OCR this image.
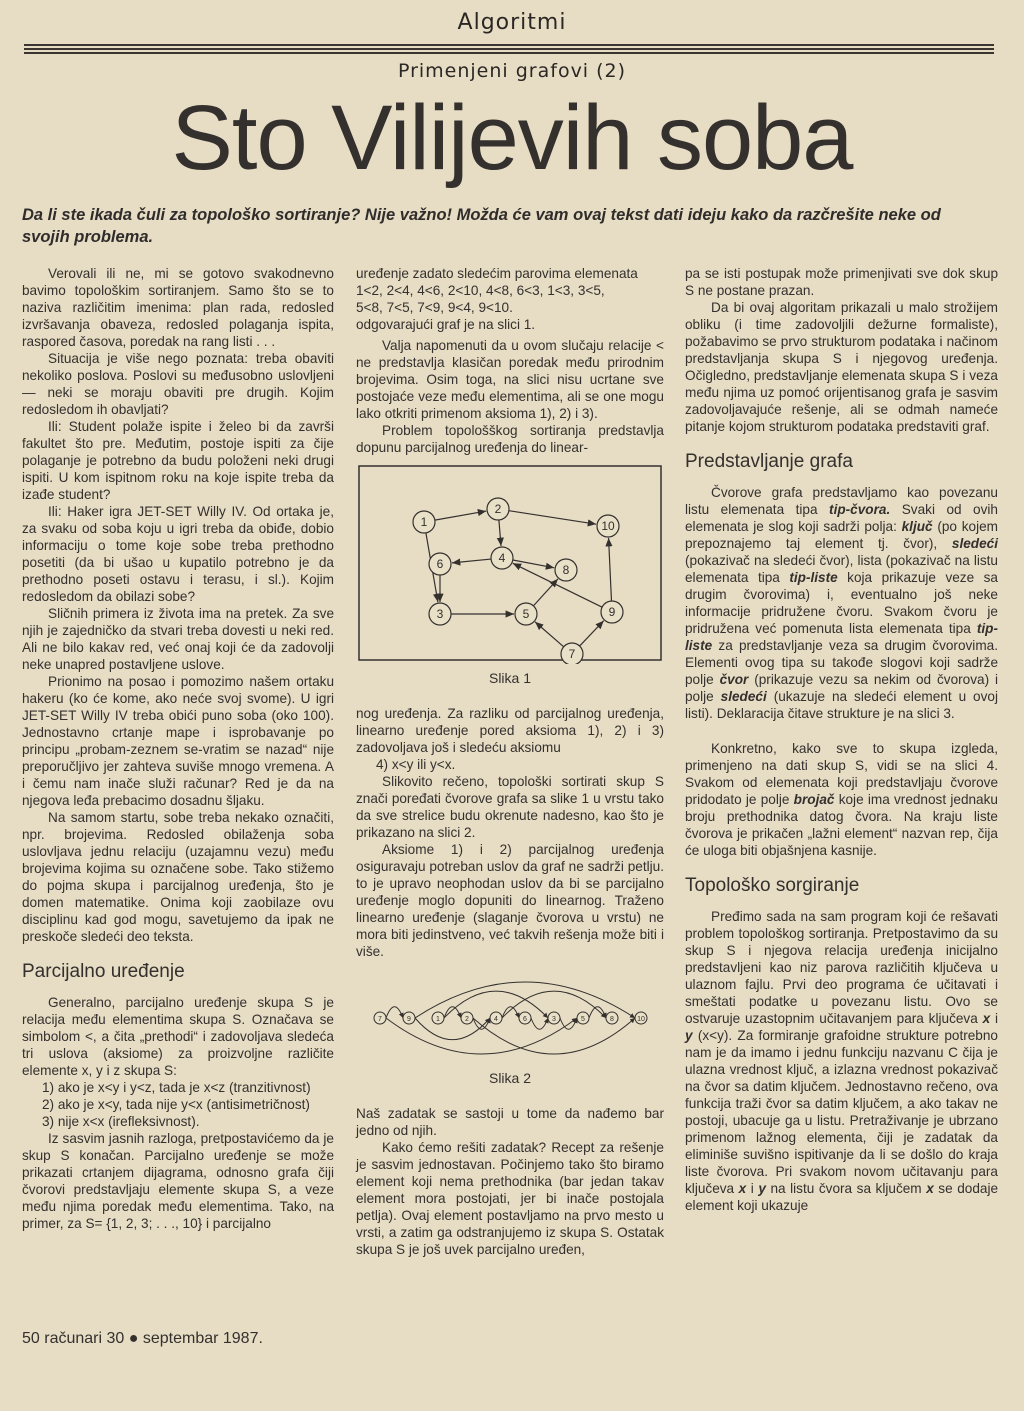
Algoritmi
Primenjeni grafovi (2)
Sto Vilijevih soba
Da li ste ikada čuli za topološko sortiranje? Nije važno! Možda će vam ovaj tekst dati ideju kako da razčrešite neke od svojih problema.

Verovali ili ne, mi se gotovo svakodnevno bavimo topološkim sortiranjem. Samo što se to naziva različitim imenima: plan rada, redosled izvršavanja obaveza, redosled polaganja ispita, raspored časova, poredak na rang listi . . .

Situacija je više nego poznata: treba obaviti nekoliko poslova. Poslovi su međusobno uslovljeni — neki se moraju obaviti pre drugih. Kojim redosledom ih obavljati?

Ili: Student polaže ispite i želeo bi da završi fakultet što pre. Međutim, postoje ispiti za čije polaganje je potrebno da budu položeni neki drugi ispiti. U kom ispitnom roku na koje ispite treba da izađe student?

Ili: Haker igra JET-SET Willy IV. Od ortaka je, za svaku od soba koju u igri treba da obiđe, dobio informaciju o tome koje sobe treba prethodno posetiti (da bi ušao u kupatilo potrebno je da prethodno poseti ostavu i terasu, i sl.). Kojim redosledom da obilazi sobe?

Sličnih primera iz života ima na pretek. Za sve njih je zajedničko da stvari treba dovesti u neki red. Ali ne bilo kakav red, već onaj koji će da zadovolji neke unapred postavljene uslove.

Prionimo na posao i pomozimo našem ortaku hakeru (ko će kome, ako neće svoj svome). U igri JET-SET Willy IV treba obići puno soba (oko 100). Jednostavno crtanje mape i isprobavanje po principu „probam-zeznem se-vratim se nazad“ nije preporučljivo jer zahteva suviše mnogo vremena. A i čemu nam inače služi računar? Red je da na njegova leđa prebacimo dosadnu šljaku.

Na samom startu, sobe treba nekako označiti, npr. brojevima. Redosled obilaženja soba uslovljava jednu relaciju (uzajamnu vezu) među brojevima kojima su označene sobe. Tako stižemo do pojma skupa i parcijalnog uređenja, što je domen matematike. Onima koji zaobilaze ovu disciplinu kad god mogu, savetujemo da ipak ne preskoče sledeći deo teksta.

Parcijalno uređenje

Generalno, parcijalno uređenje skupa S je relacija među elementima skupa S. Označava se simbolom <, a čita „prethodi“ i zadovoljava sledeća tri uslova (aksiome) za proizvoljne različite elemente x, y i z skupa S:

1) ako je x<y i y<z, tada je x<z (tranzitivnost)

2) ako je x<y, tada nije y<x (antisimetričnost)

3) nije x<x (irefleksivnost).

Iz sasvim jasnih razloga, pretpostavićemo da je skup S konačan. Parcijalno uređenje se može prikazati crtanjem dijagrama, odnosno grafa čiji čvorovi predstavljaju elemente skupa S, a veze među njima poredak među elementima. Tako, na primer, za S= {1, 2, 3; . . ., 10} i parcijalno

uređenje zadato sledećim parovima elemenata

1<2, 2<4, 4<6, 2<10, 4<8, 6<3, 1<3, 3<5,

5<8, 7<5, 7<9, 9<4, 9<10.

odgovarajući graf je na slici 1.

Valja napomenuti da u ovom slučaju relacije < ne predstavlja klasičan poredak među prirodnim brojevima. Osim toga, na slici nisu ucrtane sve postojaće veze među elementima, ali se one mogu lako otkriti primenom aksioma 1), 2) i 3).

Problem topološškog sortiranja predstavlja dopunu parcijalnog uređenja do linear-

1
2
3
4
5
6
7
8
9
10
Slika 1

nog uređenja. Za razliku od parcijalnog uređenja, linearno uređenje pored aksioma 1), 2) i 3) zadovoljava još i sledeću aksiomu

4) x<y ili y<x.

Slikovito rečeno, topološki sortirati skup S znači poređati čvorove grafa sa slike 1 u vrstu tako da sve strelice budu okrenute nadesno, kao što je prikazano na slici 2.

Aksiome 1) i 2) parcijalnog uređenja osiguravaju potreban uslov da graf ne sadrži petlju. to je upravo neophodan uslov da bi se parcijalno uređenje moglo dopuniti do linearnog. Traženo linearno uređenje (slaganje čvorova u vrstu) ne mora biti jedinstveno, već takvih rešenja može biti i više.

7	9	1	2	4	6	3	5	8	10
Slika 2

Naš zadatak se sastoji u tome da nađemo bar jedno od njih.

Kako ćemo rešiti zadatak? Recept za rešenje je sasvim jednostavan. Počinjemo tako što biramo element koji nema prethodnika (bar jedan takav element mora postojati, jer bi inače postojala petlja). Ovaj element postavljamo na prvo mesto u vrsti, a zatim ga odstranjujemo iz skupa S. Ostatak skupa S je još uvek parcijalno uređen,

pa se isti postupak može primenjivati sve dok skup S ne postane prazan.

Da bi ovaj algoritam prikazali u malo strožijem obliku (i time zadovoljili dežurne formaliste), požabavimo se prvo strukturom podataka i načinom predstavljanja skupa S i njegovog uređenja. Očigledno, predstavljanje elemenata skupa S i veza među njima uz pomoć orijentisanog grafa je sasvim zadovoljavajuće rešenje, ali se odmah nameće pitanje kojom strukturom podataka predstaviti graf.

Predstavljanje grafa

Čvorove grafa predstavljamo kao povezanu listu elemenata tipa tip-čvora. Svaki od ovih elemenata je slog koji sadrži polja: ključ (po kojem prepoznajemo taj element tj. čvor), sledeći (pokazivač na sledeći čvor), lista (pokazivač na listu elemenata tipa tip-liste koja prikazuje veze sa drugim čvorovima) i, eventualno još neke informacije pridružene čvoru. Svakom čvoru je pridružena već pomenuta lista elemenata tipa tip-liste za predstavljanje veza sa drugim čvorovima. Elementi ovog tipa su takođe slogovi koji sadrže polje čvor (prikazuje vezu sa nekim od čvorova) i polje sledeći (ukazuje na sledeći element u ovoj listi). Deklaracija čitave strukture je na slici 3.

Konkretno, kako sve to skupa izgleda, primenjeno na dati skup S, vidi se na slici 4. Svakom od elemenata koji predstavljaju čvorove pridodato je polje brojač koje ima vrednost jednaku broju prethodnika datog čvora. Na kraju liste čvorova je prikačen „lažni element“ nazvan rep, čija će uloga biti objašnjena kasnije.

Topološko sorgiranje

Pređimo sada na sam program koji će rešavati problem topološkog sortiranja. Pretpostavimo da su skup S i njegova relacija uređenja inicijalno predstavljeni kao niz parova različitih ključeva u ulaznom fajlu. Prvi deo programa će učitavati i smeštati podatke u povezanu listu. Ovo se ostvaruje uzastopnim učitavanjem para ključeva x i y (x<y). Za formiranje grafoidne strukture potrebno nam je da imamo i jednu funkciju nazvanu C čija je ulazna vrednost ključ, a izlazna vrednost pokazivač na čvor sa datim ključem. Jednostavno rečeno, ova funkcija traži čvor sa datim ključem, a ako takav ne postoji, ubacuje ga u listu. Pretraživanje je ubrzano primenom lažnog elementa, čiji je zadatak da eliminiše suvišno ispitivanje da li se došlo do kraja liste čvorova. Pri svakom novom učitavanju para ključeva x i y na listu čvora sa ključem x se dodaje element koji ukazuje

50 računari 30 ● septembar 1987.
